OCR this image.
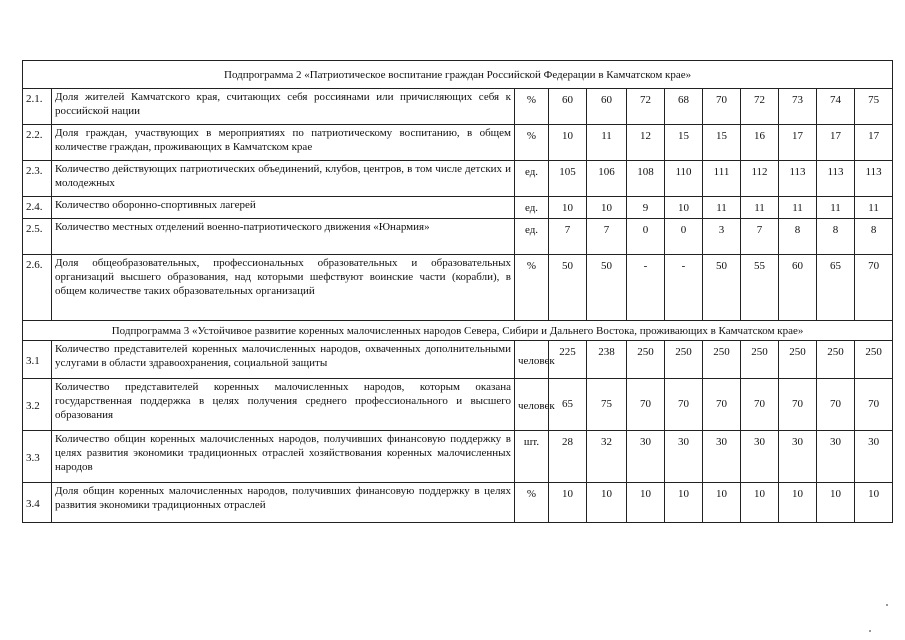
Подпрограмма 2 «Патриотическое воспитание граждан Российской Федерации в Камчатском крае»											
2.1.	Доля жителей Камчатского края, считающих себя россиянами или причисляющих себя к российской нации	%	60	60	72	68	70	72	73	74	75
2.2.	Доля граждан, участвующих в мероприятиях по патриотическому воспитанию, в общем количестве граждан, проживающих в Камчатском крае	%	10	11	12	15	15	16	17	17	17
2.3.	Количество действующих патриотических объединений, клубов, центров, в том числе детских и молодежных	ед.	105	106	108	110	111	112	113	113	113
2.4.	Количество оборонно-спортивных лагерей	ед.	10	10	9	10	11	11	11	11	11
2.5.	Количество местных отделений военно-патриотического движения «Юнармия»	ед.	7	7	0	0	3	7	8	8	8
2.6.	Доля общеобразовательных, профессиональных образовательных и образовательных организаций высшего образования, над которыми шефствуют воинские части (корабли), в общем количестве таких образовательных организаций	%	50	50	-	-	50	55	60	65	70
Подпрограмма 3 «Устойчивое развитие коренных малочисленных народов Севера, Сибири и Дальнего Востока, проживающих в Камчатском крае»											
3.1	Количество представителей коренных малочисленных народов, охваченных дополнительными услугами в области здравоохранения, социальной защиты	человек	225	238	250	250	250	250	250	250	250
3.2	Количество представителей коренных малочисленных народов, которым оказана государственная поддержка в целях получения среднего профессионального и высшего образования	человек	65	75	70	70	70	70	70	70	70
3.3	Количество общин коренных малочисленных народов, получивших финансовую поддержку в целях развития экономики традиционных отраслей хозяйствования коренных малочисленных народов	шт.	28	32	30	30	30	30	30	30	30
3.4	Доля общин коренных малочисленных народов, получивших финансовую поддержку в целях развития экономики традиционных отраслей	%	10	10	10	10	10	10	10	10	10
